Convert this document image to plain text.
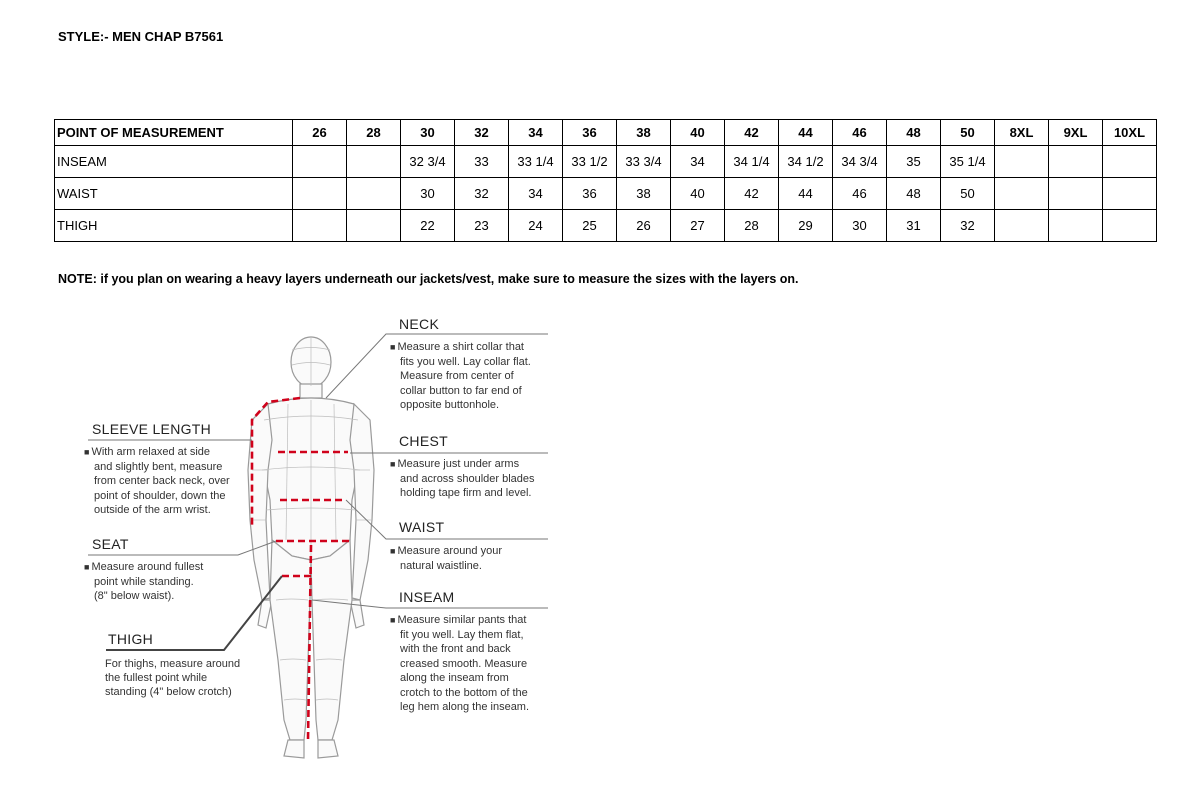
STYLE:- MEN CHAP B7561
POINT OF MEASUREMENT	26	28	30	32	34	36	38	40	42	44	46	48	50	8XL	9XL	10XL
INSEAM			32 3/4	33	33 1/4	33 1/2	33 3/4	34	34 1/4	34 1/2	34 3/4	35	35 1/4			
WAIST			30	32	34	36	38	40	42	44	46	48	50			
THIGH			22	23	24	25	26	27	28	29	30	31	32			
NOTE: if you plan on wearing a heavy layers underneath our jackets/vest, make sure to measure the sizes with the layers on.
NECK
■ Measure a shirt collar that
fits you well. Lay collar flat.
Measure from center of
collar button to far end of
opposite buttonhole.
CHEST
■ Measure just under arms
and across shoulder blades
holding tape firm and level.
WAIST
■ Measure around your
natural waistline.
INSEAM
■ Measure similar pants that
fit you well. Lay them flat,
with the front and back
creased smooth. Measure
along the inseam from
crotch to the bottom of the
leg hem along the inseam.
SLEEVE LENGTH
■ With arm relaxed at side
and slightly bent, measure
from center back neck, over
point of shoulder, down the
outside of the arm wrist.
SEAT
■ Measure around fullest
point while standing.
(8" below waist).
THIGH
For thighs, measure around
the fullest point while
standing (4" below crotch)
